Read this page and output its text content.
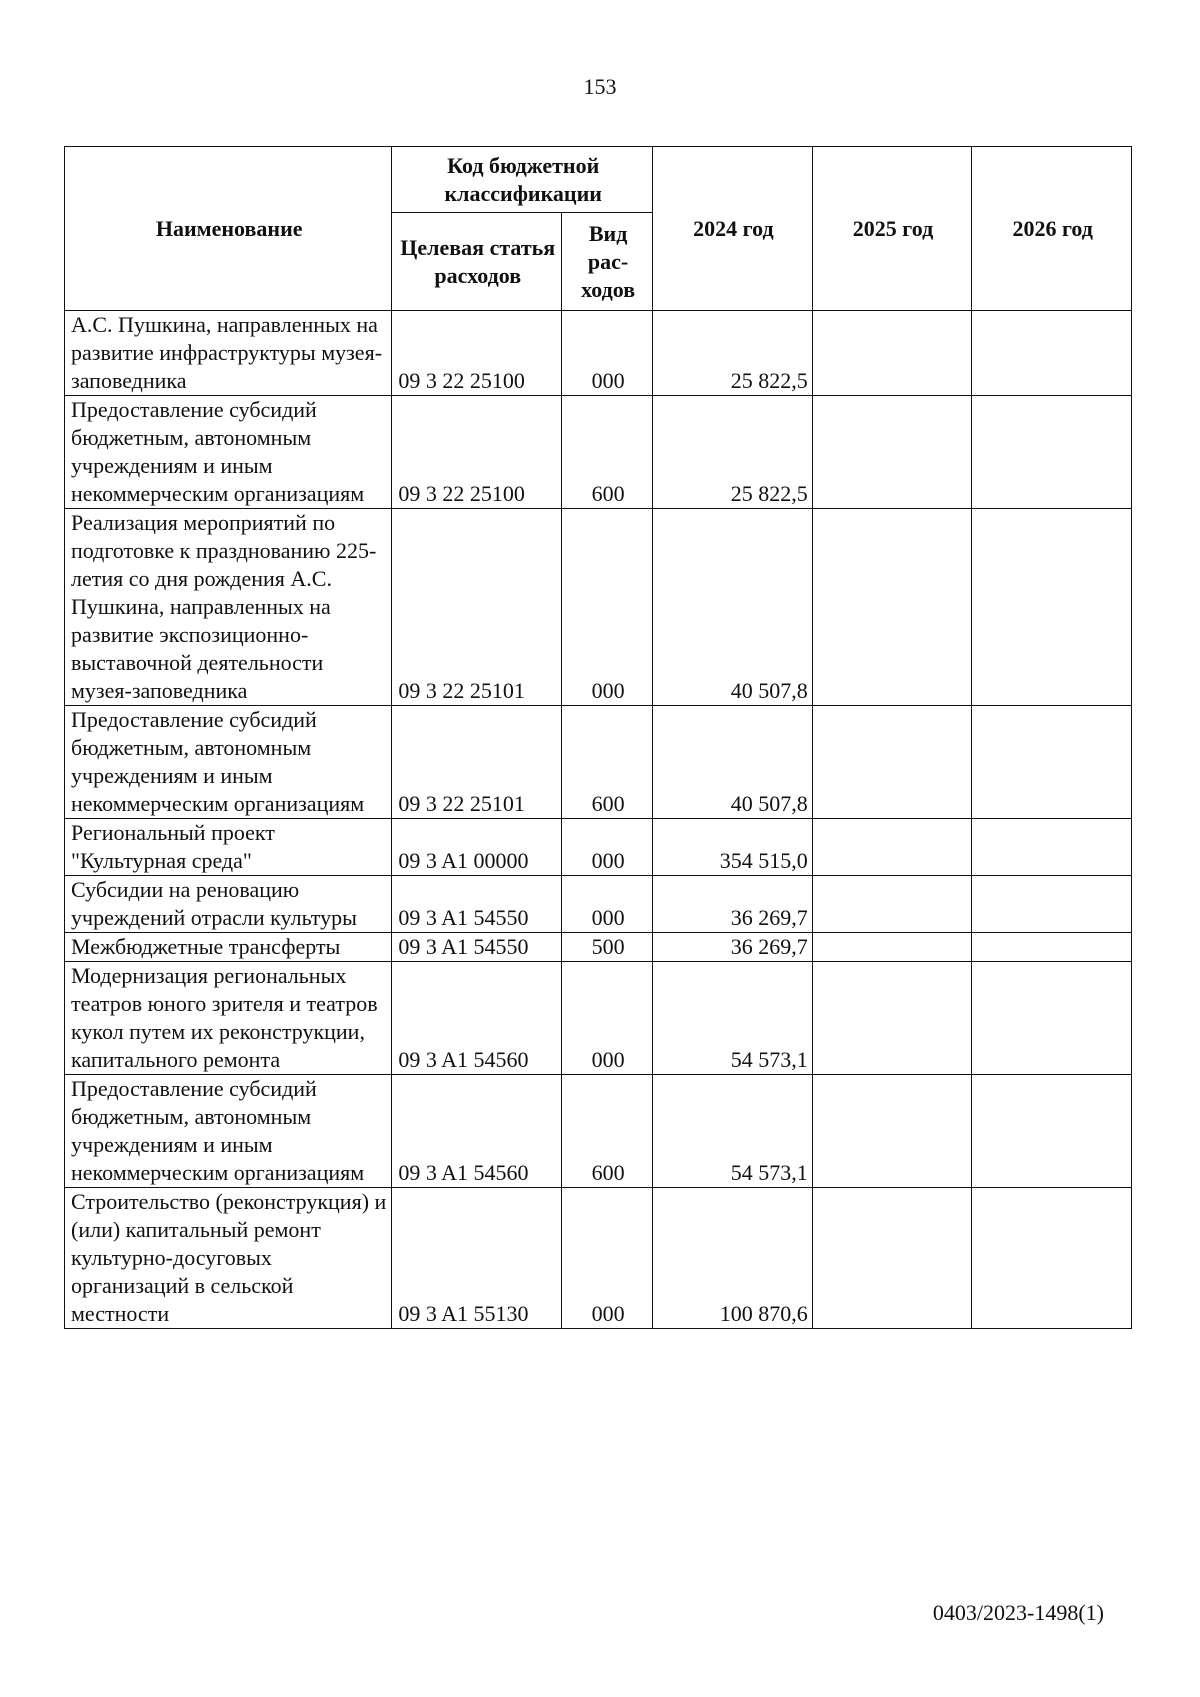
153
Наименование	Код бюджетной классификации		2024 год	2025 год	2026 год
	Целевая статья расходов	Вид рас-ходов			
А.С. Пушкина, направленных на развитие инфраструктуры музея-заповедника	09 3 22 25100	000	25 822,5		
Предоставление субсидий бюджетным, автономным учреждениям и иным некоммерческим организациям	09 3 22 25100	600	25 822,5		
Реализация мероприятий по подготовке к празднованию 225-летия со дня рождения А.С. Пушкина, направленных на развитие экспозиционно-выставочной деятельности музея-заповедника	09 3 22 25101	000	40 507,8		
Предоставление субсидий бюджетным, автономным учреждениям и иным некоммерческим организациям	09 3 22 25101	600	40 507,8		
Региональный проект "Культурная среда"	09 3 A1 00000	000	354 515,0		
Субсидии на реновацию учреждений отрасли культуры	09 3 A1 54550	000	36 269,7		
Межбюджетные трансферты	09 3 A1 54550	500	36 269,7		
Модернизация региональных театров юного зрителя и театров кукол путем их реконструкции, капитального ремонта	09 3 A1 54560	000	54 573,1		
Предоставление субсидий бюджетным, автономным учреждениям и иным некоммерческим организациям	09 3 A1 54560	600	54 573,1		
Строительство (реконструкция) и (или) капитальный ремонт культурно-досуговых организаций в сельской местности	09 3 A1 55130	000	100 870,6		
0403/2023-1498(1)
